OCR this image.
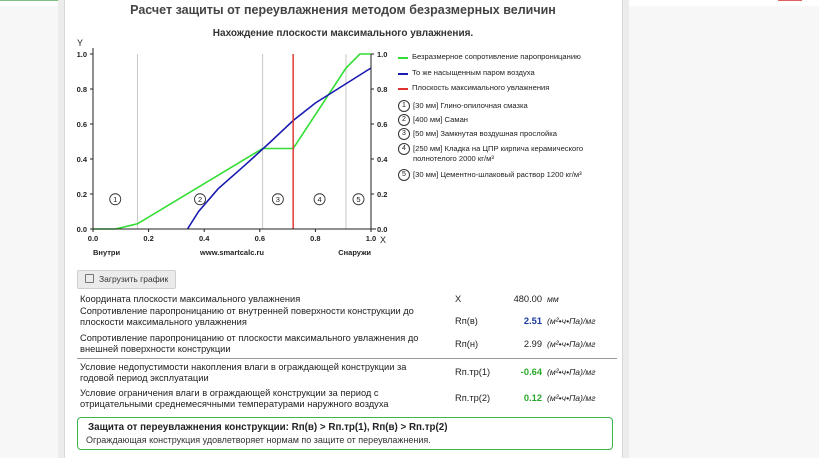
Расчет защиты от переувлажнения методом безразмерных величин
Нахождение плоскости максимального увлажнения.
1	2	3	4	5
0.0	0.0
0.2	0.2
0.4	0.4
0.6	0.6
0.8	0.8
1.0	1.0
0.0	0.2	0.4	0.6	0.8	1.0
Y
X
Внутри	www.smartcalc.ru	Снаружи
Безразмерное сопротивление паропроницанию
То же насыщенным паром воздуха
Плоскость максимального увлажнения
1 [30 мм] Глино-опилочная смазка
2 [400 мм] Саман
3 [50 мм] Замкнутая воздушная прослойка
4 [250 мм] Кладка на ЦПР кирпича керамического полнотелого 2000 кг/м³
5 [30 мм] Цементно-шлаковый раствор 1200 кг/м³
Загрузить график
Координата плоскости максимального увлажнения	X	480.00 мм
Сопротивление паропроницанию от внутренней поверхности конструкции до плоскости максимального увлажнения	Rп(в)	2.51 (м²•ч•Па)/мг
Сопротивление паропроницанию от плоскости максимального увлажнения до внешней поверхности конструкции	Rп(н)	2.99 (м²•ч•Па)/мг
Условие недопустимости накопления влаги в ограждающей конструкции за годовой период эксплуатации
Rп.тр(1)	-0.64 (м²•ч•Па)/мг
Условие ограничения влаги в ограждающей конструкции за период с отрицательными среднемесячными температурами наружного воздуха
Rп.тр(2)	0.12 (м²•ч•Па)/мг
Защита от переувлажнения конструкции: Rп(в) > Rп.тр(1), Rп(в) > Rп.тр(2)
Ограждающая конструкция удовлетворяет нормам по защите от переувлажнения.
